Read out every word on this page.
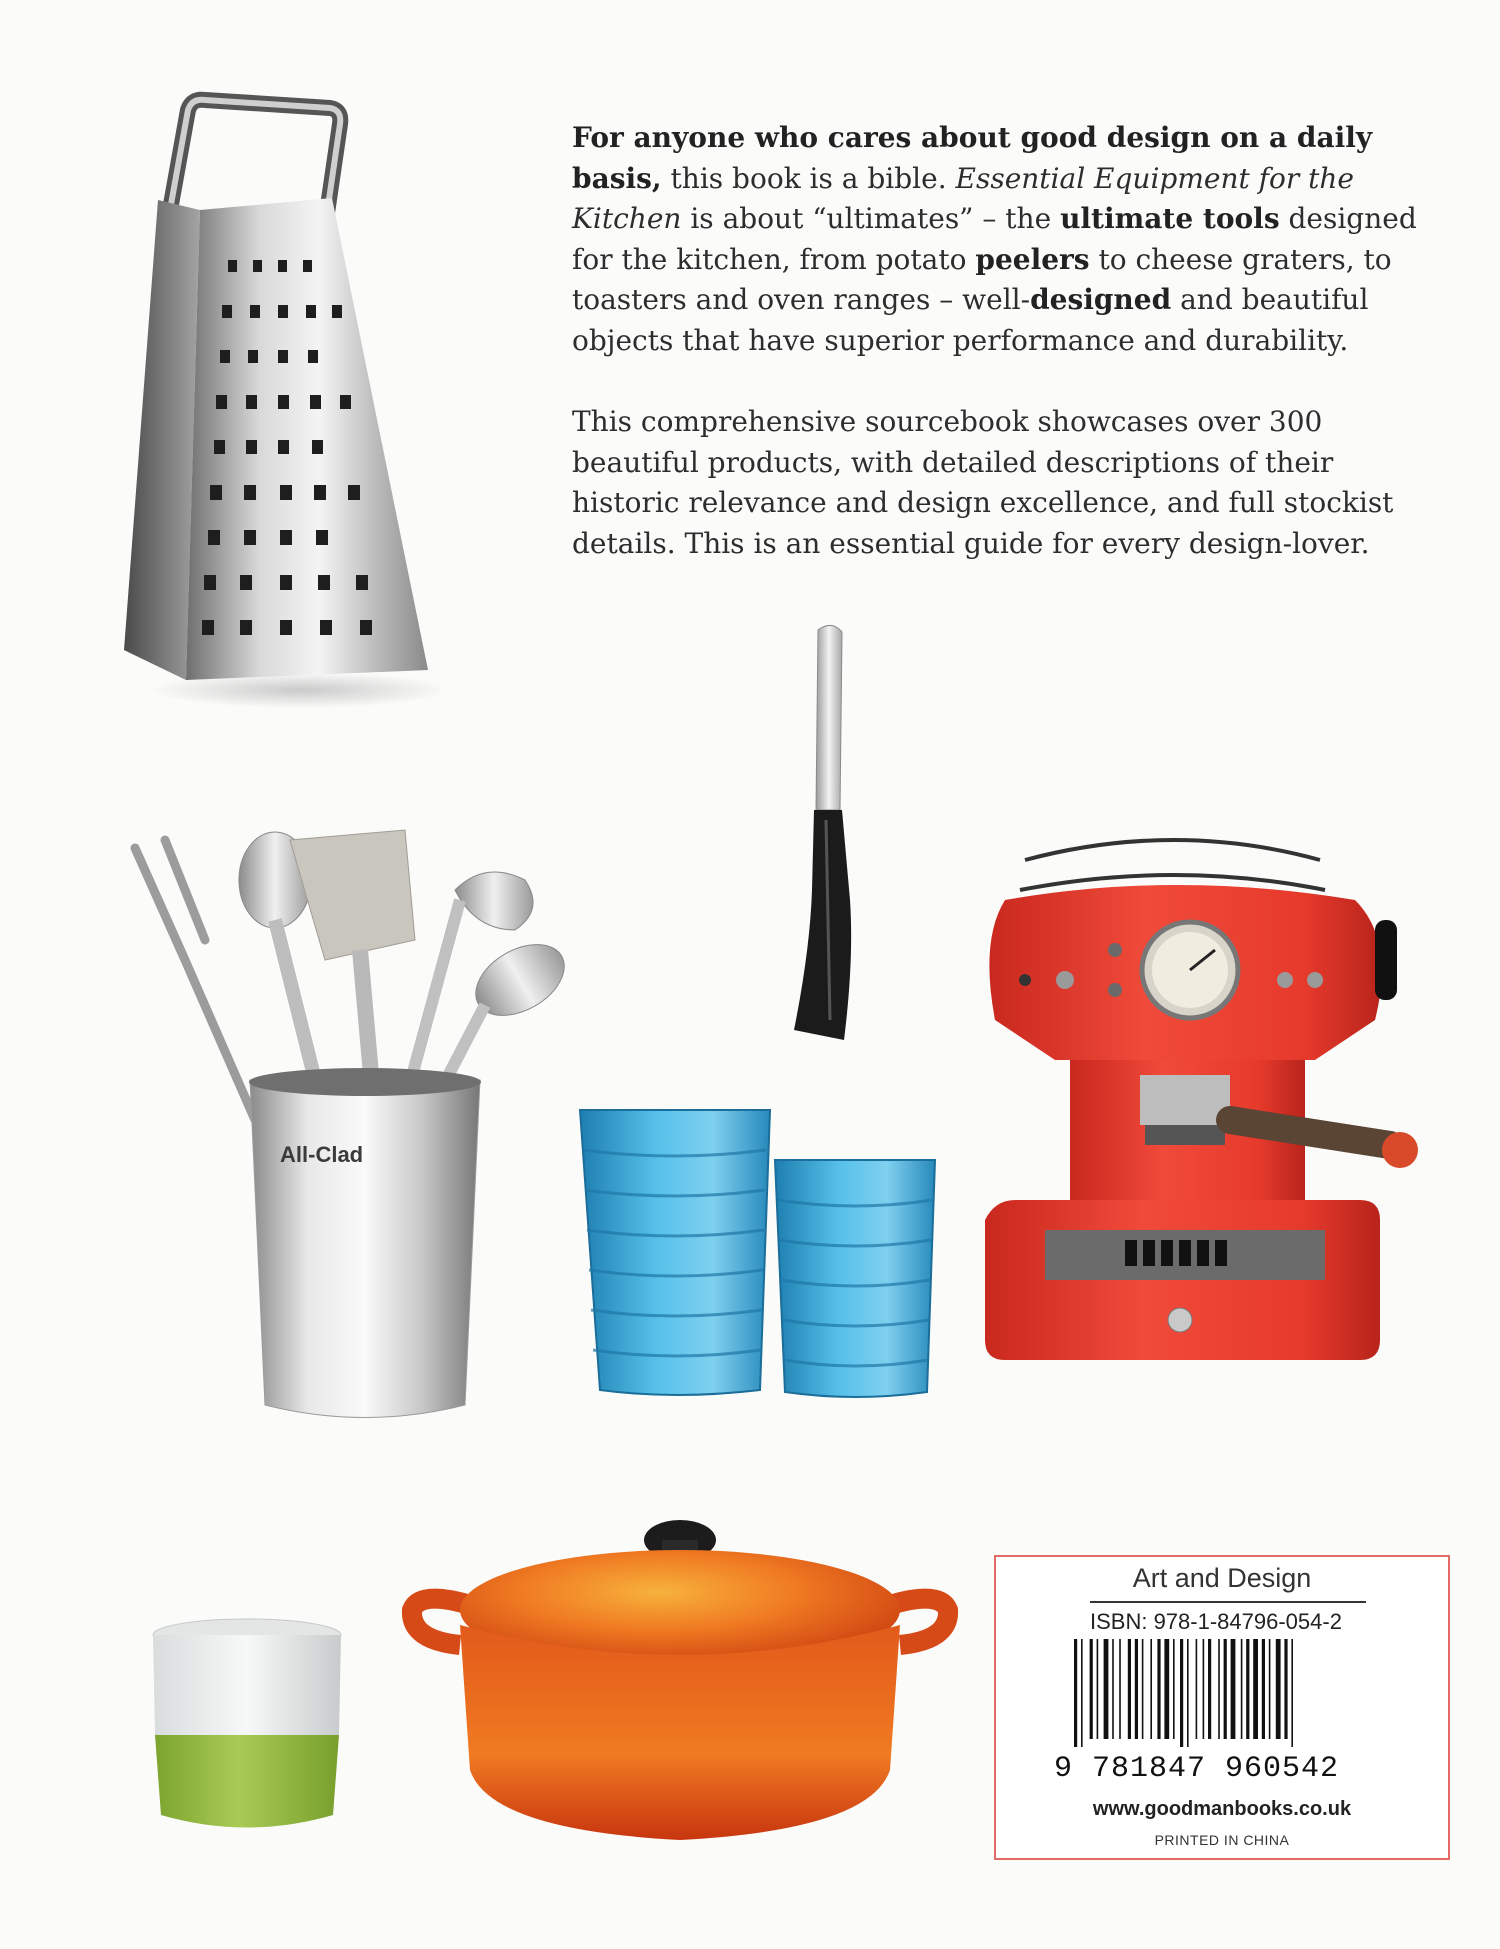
For anyone who cares about good design on a daily basis, this book is a bible. Essential Equipment for the Kitchen is about “ultimates” – the ultimate tools designed for the kitchen, from potato peelers to cheese graters, to toasters and oven ranges – well-designed and beautiful objects that have superior performance and durability.

This comprehensive sourcebook showcases over 300 beautiful products, with detailed descriptions of their historic relevance and design excellence, and full stockist details. This is an essential guide for every design-lover.

All-Clad
Art and Design
ISBN: 978-1-84796-054-2
9 781847 960542
www.goodmanbooks.co.uk
PRINTED IN CHINA
